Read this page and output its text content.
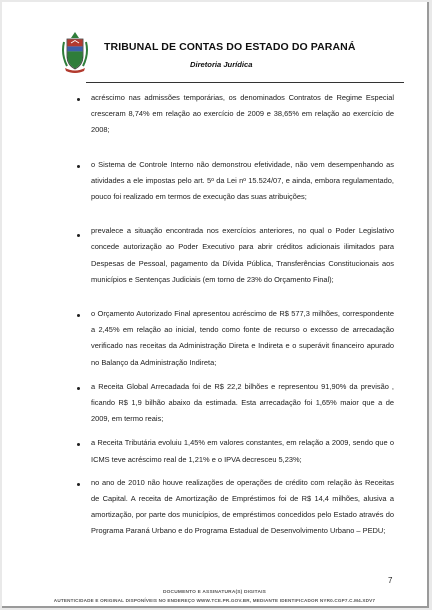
TRIBUNAL DE CONTAS DO ESTADO DO PARANÁ
Diretoria Jurídica
acréscimo nas admissões temporárias, os denominados Contratos de Regime Especial cresceram 8,74% em relação ao exercício de 2009 e 38,65% em relação ao exercício de 2008;
o Sistema de Controle Interno não demonstrou efetividade, não vem desempenhando as atividades a ele impostas pelo art. 5º da Lei nº 15.524/07, e ainda, embora regulamentado, pouco foi realizado em termos de execução das suas atribuições;
prevalece a situação encontrada nos exercícios anteriores, no qual o Poder Legislativo concede autorização ao Poder Executivo para abrir créditos adicionais ilimitados para Despesas de Pessoal, pagamento da Dívida Pública, Transferências Constitucionais aos municípios e Sentenças Judiciais (em torno de 23% do Orçamento Final);
o Orçamento Autorizado Final apresentou acréscimo de R$ 577,3 milhões, correspondente a 2,45% em relação ao inicial, tendo como fonte de recurso o excesso de arrecadação verificado nas receitas da Administração Direta e Indireta e o superávit financeiro apurado no Balanço da Administração Indireta;
a Receita Global Arrecadada foi de R$ 22,2 bilhões e representou 91,90% da previsão , ficando R$ 1,9 bilhão abaixo da estimada. Esta arrecadação foi 1,65% maior que a de 2009, em termo reais;
a Receita Tributária evoluiu 1,45% em valores constantes, em relação a 2009, sendo que o ICMS teve acréscimo real de 1,21% e o IPVA decresceu 5,23%;
no ano de 2010 não houve realizações de operações de crédito com relação às Receitas de Capital. A receita de Amortização de Empréstimos foi de R$ 14,4 milhões, alusiva a amortização, por parte dos municípios, de empréstimos concedidos pelo Estado através do Programa Paraná Urbano e do Programa Estadual de Desenvolvimento Urbano – PEDU;
7
DOCUMENTO E ASSINATURA(S) DIGITAIS
AUTENTICIDADE E ORIGINAL DISPONÍVEIS NO ENDEREÇO WWW.TCE.PR.GOV.BR, MEDIANTE IDENTIFICADOR NYR0.CGP7.C.M4.XDV7
